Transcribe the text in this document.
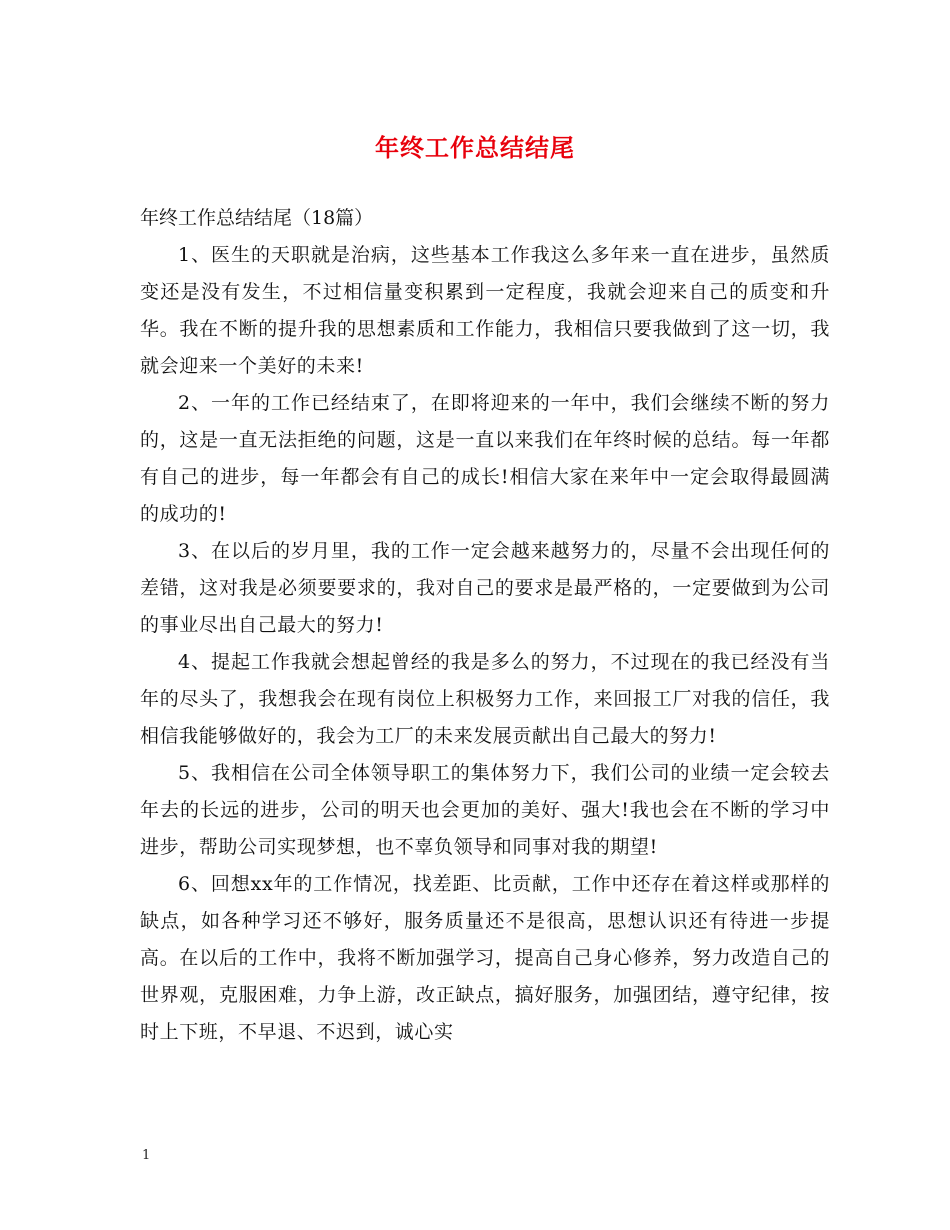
年终工作总结结尾

年终工作总结结尾（18篇）

1、医生的天职就是治病，这些基本工作我这么多年来一直在进步，虽然质变还是没有发生，不过相信量变积累到一定程度，我就会迎来自己的质变和升华。我在不断的提升我的思想素质和工作能力，我相信只要我做到了这一切，我就会迎来一个美好的未来!

2、一年的工作已经结束了，在即将迎来的一年中，我们会继续不断的努力的，这是一直无法拒绝的问题，这是一直以来我们在年终时候的总结。每一年都有自己的进步，每一年都会有自己的成长!相信大家在来年中一定会取得最圆满的成功的!

3、在以后的岁月里，我的工作一定会越来越努力的，尽量不会出现任何的差错，这对我是必须要要求的，我对自己的要求是最严格的，一定要做到为公司的事业尽出自己最大的努力!

4、提起工作我就会想起曾经的我是多么的努力，不过现在的我已经没有当年的尽头了，我想我会在现有岗位上积极努力工作，来回报工厂对我的信任，我相信我能够做好的，我会为工厂的未来发展贡献出自己最大的努力!

5、我相信在公司全体领导职工的集体努力下，我们公司的业绩一定会较去年去的长远的进步，公司的明天也会更加的美好、强大!我也会在不断的学习中进步，帮助公司实现梦想，也不辜负领导和同事对我的期望!

6、回想xx年的工作情况，找差距、比贡献，工作中还存在着这样或那样的缺点，如各种学习还不够好，服务质量还不是很高，思想认识还有待进一步提高。在以后的工作中，我将不断加强学习，提高自己身心修养，努力改造自己的世界观，克服困难，力争上游，改正缺点，搞好服务，加强团结，遵守纪律，按时上下班，不早退、不迟到，诚心实

1
